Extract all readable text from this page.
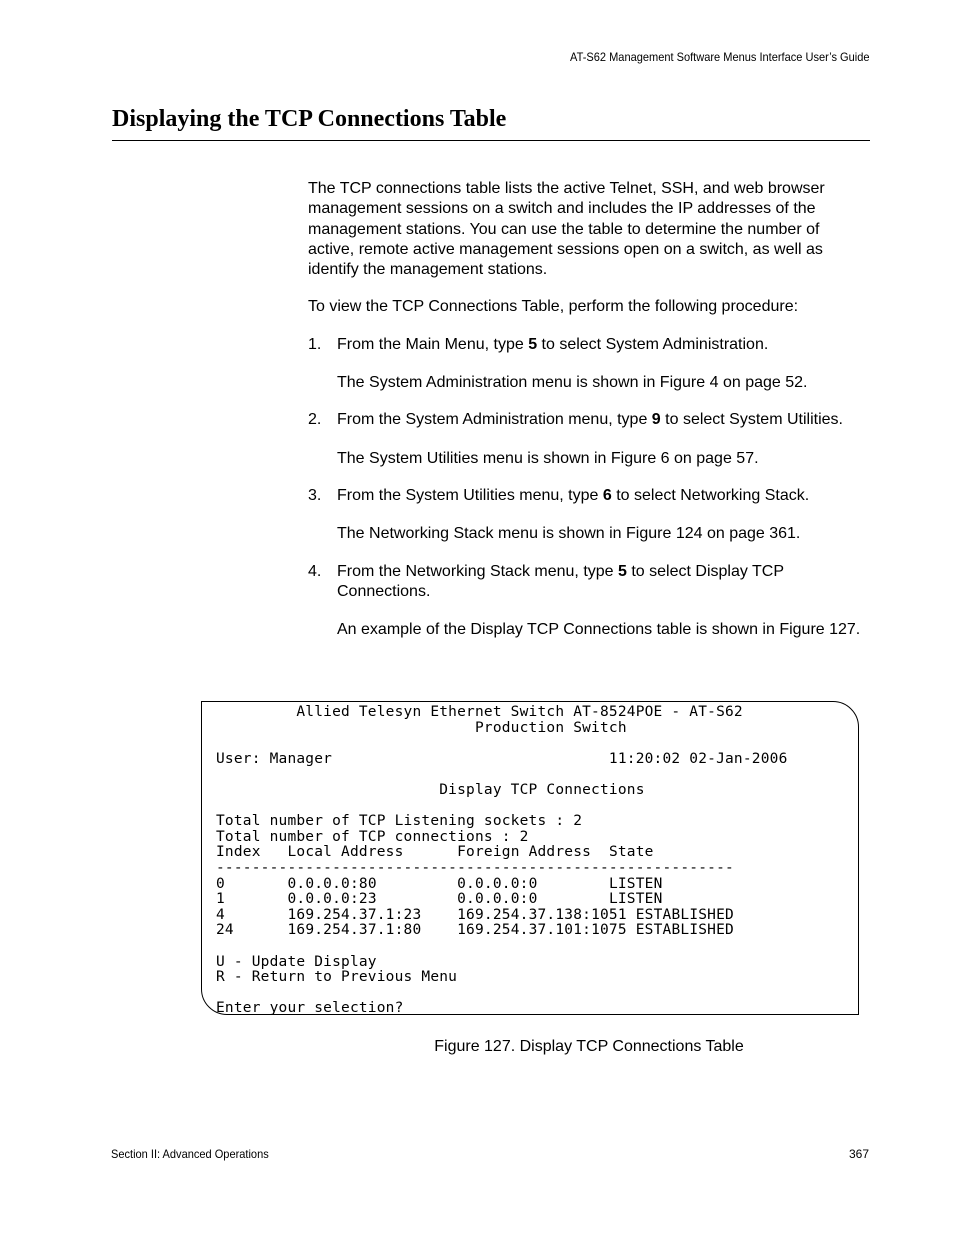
AT-S62 Management Software Menus Interface User’s Guide
Displaying the TCP Connections Table

The TCP connections table lists the active Telnet, SSH, and web browser management sessions on a switch and includes the IP addresses of the management stations. You can use the table to determine the number of active, remote active management sessions open on a switch, as well as identify the management stations.

To view the TCP Connections Table, perform the following procedure:

1. From the Main Menu, type 5 to select System Administration.

The System Administration menu is shown in Figure 4 on page 52.

2. From the System Administration menu, type 9 to select System Utilities.

The System Utilities menu is shown in Figure 6 on page 57.

3. From the System Utilities menu, type 6 to select Networking Stack.

The Networking Stack menu is shown in Figure 124 on page 361.

4. From the Networking Stack menu, type 5 to select Display TCP Connections.

An example of the Display TCP Connections table is shown in Figure 127.

Allied Telesyn Ethernet Switch AT-8524POE - AT-S62
Production Switch

User: Manager                               11:20:02 02-Jan-2006

Display TCP Connections

Total number of TCP Listening sockets : 2
Total number of TCP connections : 2
Index   Local Address      Foreign Address  State
----------------------------------------------------------
0       0.0.0.0:80         0.0.0.0:0        LISTEN
1       0.0.0.0:23         0.0.0.0:0        LISTEN
4       169.254.37.1:23    169.254.37.138:1051 ESTABLISHED
24      169.254.37.1:80    169.254.37.101:1075 ESTABLISHED

U - Update Display
R - Return to Previous Menu

Enter your selection?
Figure 127. Display TCP Connections Table
Section II: Advanced Operations	367
